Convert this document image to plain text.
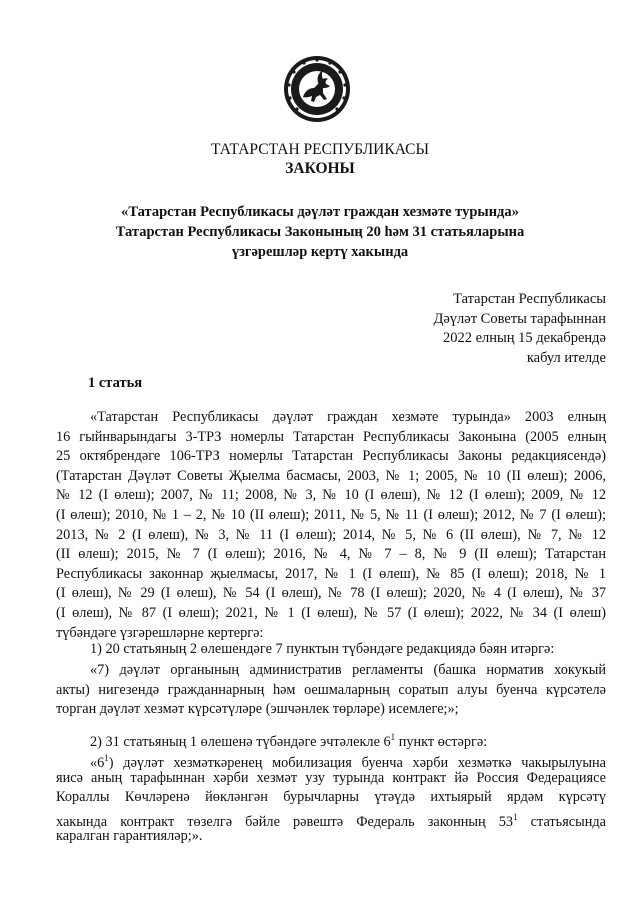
ТАТАРСТАН РЕСПУБЛИКАСЫ
ЗАКОНЫ
«Татарстан Республикасы дәүләт граждан хезмәте турында»
Татарстан Республикасы Законының 20 һәм 31 статьяларына
үзгәрешләр кертү хакында
Татарстан Республикасы
Дәүләт Советы тарафыннан
2022 елның 15 декабрендә
кабул ителде
1 статья
«Татарстан Республикасы дәүләт граждан хезмәте турында» 2003 елның
16 гыйнварындагы 3-ТРЗ номерлы Татарстан Республикасы Законына (2005 елның
25 октябрендәге 106-ТРЗ номерлы Татарстан Республикасы Законы редакциясендә)
(Татарстан Дәүләт Советы Җыелма басмасы, 2003, № 1; 2005, № 10 (II өлеш); 2006,
№ 12 (I өлеш); 2007, № 11; 2008, № 3, № 10 (I өлеш), № 12 (I өлеш); 2009, № 12
(I өлеш); 2010, № 1 – 2, № 10 (II өлеш); 2011, № 5, № 11 (I өлеш); 2012, № 7 (I өлеш);
2013, № 2 (I өлеш), № 3, № 11 (I өлеш); 2014, № 5, № 6 (II өлеш), № 7, № 12
(II өлеш); 2015, № 7 (I өлеш); 2016, № 4, № 7 – 8, № 9 (II өлеш); Татарстан
Республикасы законнар җыелмасы, 2017, № 1 (I өлеш), № 85 (I өлеш); 2018, № 1
(I өлеш), № 29 (I өлеш), № 54 (I өлеш), № 78 (I өлеш); 2020, № 4 (I өлеш), № 37
(I өлеш), № 87 (I өлеш); 2021, № 1 (I өлеш), № 57 (I өлеш); 2022, № 34 (I өлеш)
түбәндәге үзгәрешләрне кертергә:
1) 20 статьяның 2 өлешендәге 7 пунктын түбәндәге редакциядә бәян итәргә:
«7) дәүләт органының административ регламенты (башка норматив хокукый
акты) нигезендә гражданнарның һәм оешмаларның соратып алуы буенча күрсәтелә
торган дәүләт хезмәт күрсәтүләре (эшчәнлек төрләре) исемлеге;»;
2) 31 статьяның 1 өлешенә түбәндәге эчтәлекле $6^1$ пункт өстәргә:
«$6^1$) дәүләт хезмәткәренең мобилизация буенча хәрби хезмәткә чакырылуына
яисә аның тарафыннан хәрби хезмәт узу турында контракт йә Россия Федерациясе
Кораллы Көчләренә йөкләнгән бурычларны үтәүдә ихтыярый ярдәм күрсәтү
хакында контракт төзелгә бәйле рәвештә Федераль законның $53^1$ статьясында
каралган гарантияләр;».
